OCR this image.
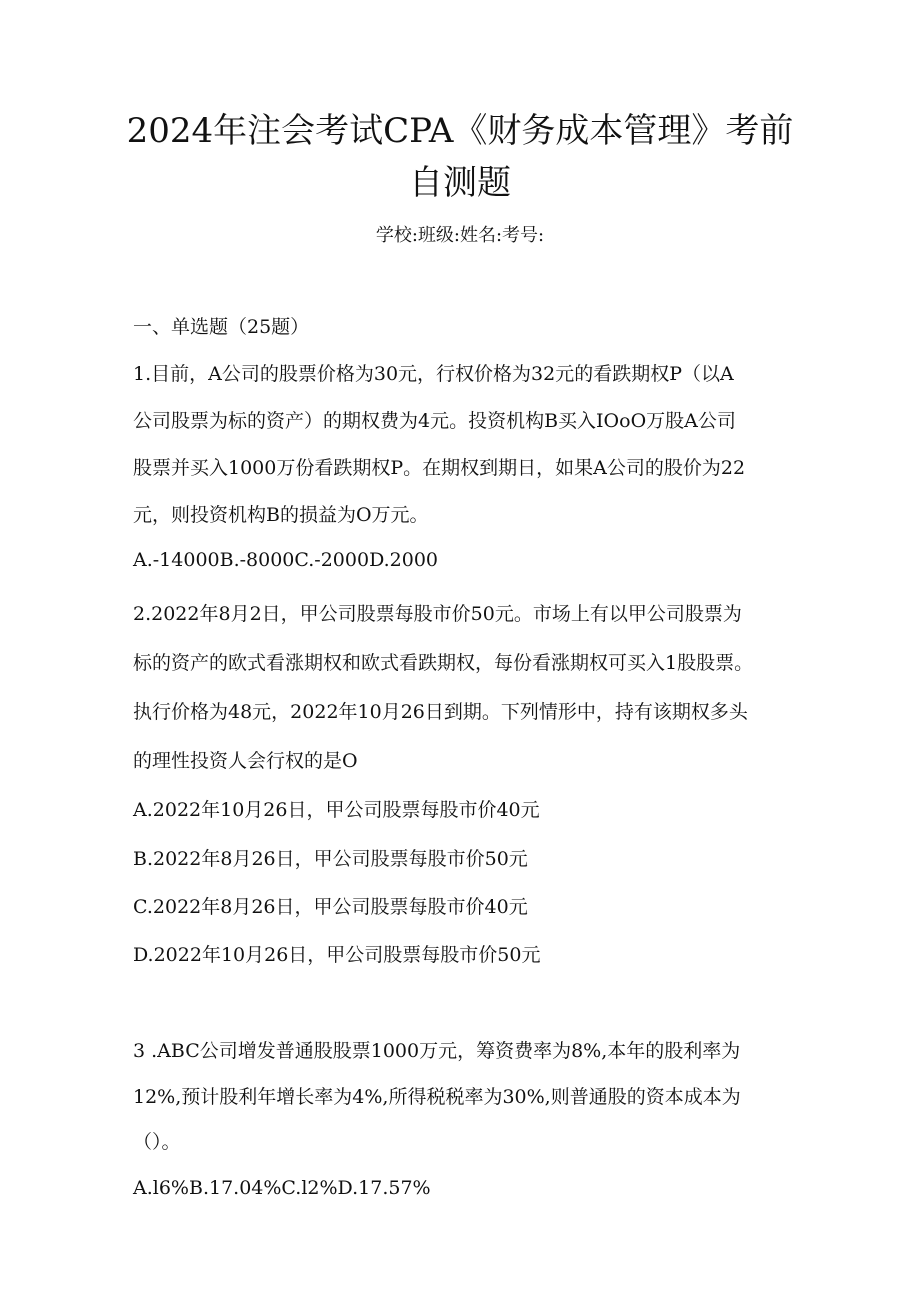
2024年注会考试CPA《财务成本管理》考前
自测题
学校:班级:姓名:考号:
一、单选题（25题）
1.目前，A公司的股票价格为30元，行权价格为32元的看跌期权P（以A
公司股票为标的资产）的期权费为4元。投资机构B买入IOoO万股A公司
股票并买入1000万份看跌期权P。在期权到期日，如果A公司的股价为22
元，则投资机构B的损益为O万元。
A.-14000B.-8000C.-2000D.2000
2.2022年8月2日，甲公司股票每股市价50元。市场上有以甲公司股票为
标的资产的欧式看涨期权和欧式看跌期权，每份看涨期权可买入1股股票。
执行价格为48元，2022年10月26日到期。下列情形中，持有该期权多头
的理性投资人会行权的是O
A.2022年10月26日，甲公司股票每股市价40元
B.2022年8月26日，甲公司股票每股市价50元
C.2022年8月26日，甲公司股票每股市价40元
D.2022年10月26日，甲公司股票每股市价50元
3 .ABC公司增发普通股股票1000万元，筹资费率为8%,本年的股利率为
12%,预计股利年增长率为4%,所得税税率为30%,则普通股的资本成本为
（）。
A.l6%B.17.04%C.l2%D.17.57%
